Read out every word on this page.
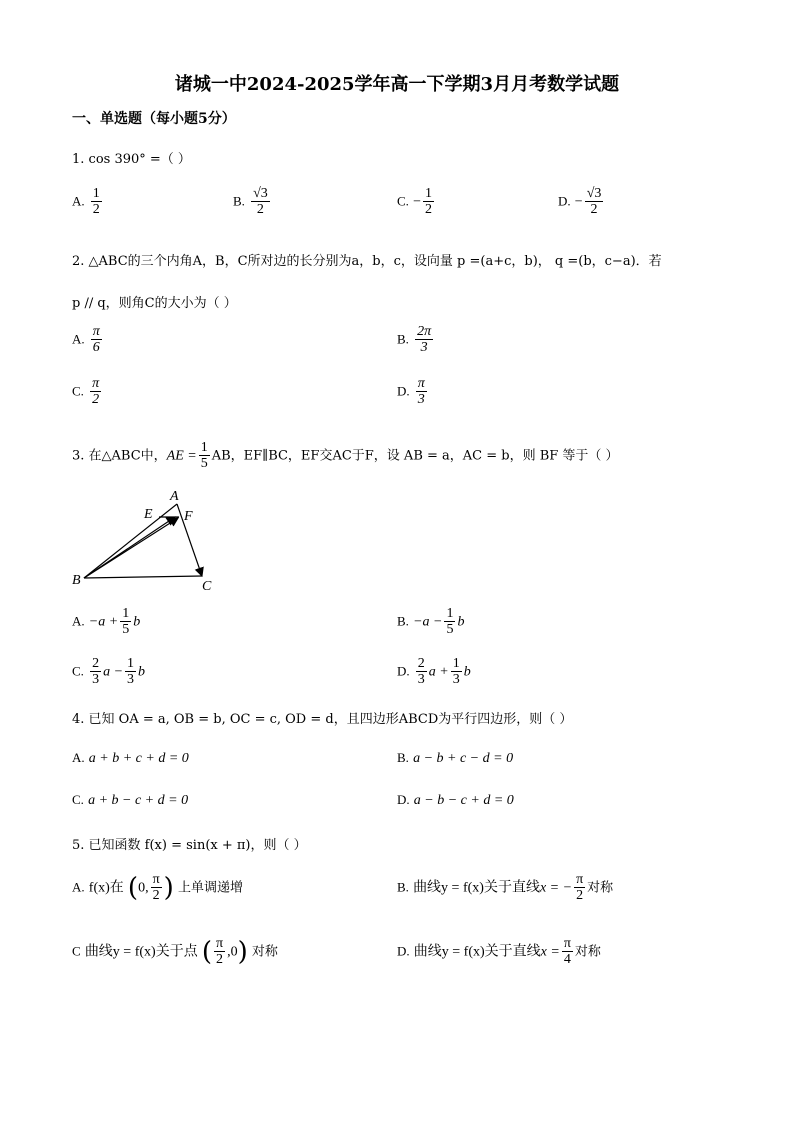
诸城一中2024-2025学年高一下学期3月月考数学试题
一、单选题（每小题5分）
1. cos 390° =（ ）
A. $\frac{1}{2}$	B. $\frac{√3}{2}$	C. − $\frac{1}{2}$	D. − $\frac{√3}{2}$
2. △ABC的三个内角A，B，C所对边的长分别为a，b，c，设向量 p =(a+c，b)， q =(b，c−a)．若
p // q，则角C的大小为（ ）
A. $\frac{\pi}{6}$	B. $\frac{2\pi}{3}$
C. $\frac{\pi}{2}$	D. $\frac{\pi}{3}$
3. 在△ABC中，AE = $\frac{1}{5}$ AB，EF∥BC，EF交AC于F，设 AB = a，AC = b，则 BF 等于（ ）
A
E F
B	C
A. $-a + \frac{1}{5}$ b	B. $-a - \frac{1}{5}$ b
C. $\frac{2}{3}$ $a - \frac{1}{3}$ b	D. $\frac{2}{3}$ $a + \frac{1}{3}$ b
4. 已知 OA = a, OB = b, OC = c, OD = d，且四边形ABCD为平行四边形，则（ ）
A. a + b + c + d = 0	B. a − b + c − d = 0
C. a + b − c + d = 0	D. a − b − c + d = 0
5. 已知函数 f(x) = sin(x + π)，则（ ）
A. f(x)在 (0, $\frac{\pi}{2}$ ) 上单调递增	B. 曲线y = f(x)关于直线x = − $\frac{\pi}{2}$ 对称
C 曲线y = f(x)关于点 ( $\frac{\pi}{2} ,0$) 对称	D. 曲线y = f(x)关于直线$x = \frac{\pi}{4}$ 对称
